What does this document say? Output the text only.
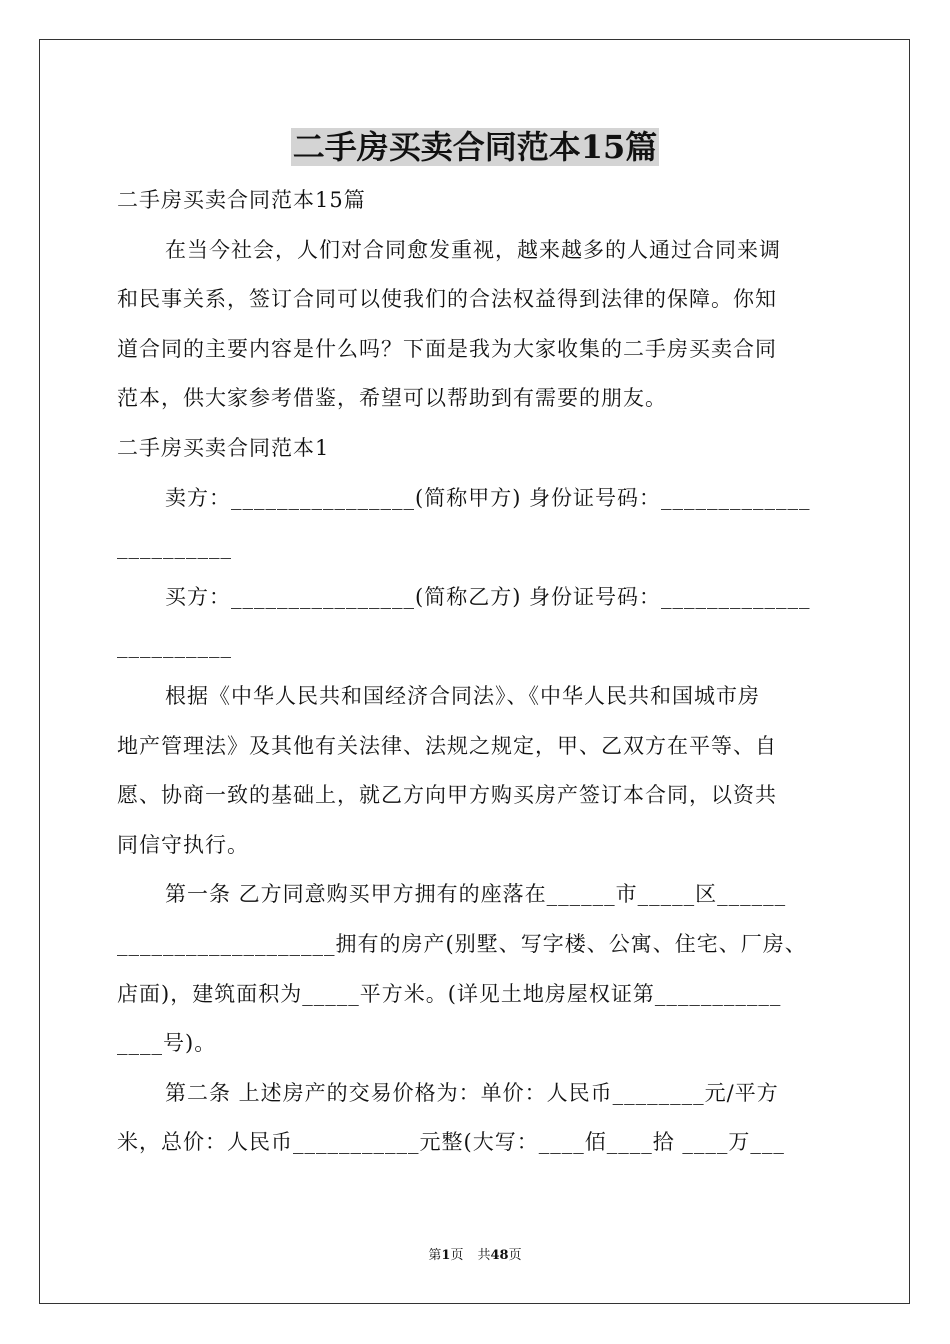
二手房买卖合同范本15篇
二手房买卖合同范本15篇
在当今社会，人们对合同愈发重视，越来越多的人通过合同来调
和民事关系，签订合同可以使我们的合法权益得到法律的保障。你知
道合同的主要内容是什么吗？下面是我为大家收集的二手房买卖合同
范本，供大家参考借鉴，希望可以帮助到有需要的朋友。
二手房买卖合同范本1
卖方：________________(简称甲方) 身份证号码：_____________
__________
买方：________________(简称乙方) 身份证号码：_____________
__________
根据《中华人民共和国经济合同法》、《中华人民共和国城市房
地产管理法》及其他有关法律、法规之规定，甲、乙双方在平等、自
愿、协商一致的基础上，就乙方向甲方购买房产签订本合同，以资共
同信守执行。
第一条 乙方同意购买甲方拥有的座落在______市_____区______
___________________拥有的房产(别墅、写字楼、公寓、住宅、厂房、
店面)，建筑面积为_____平方米。(详见土地房屋权证第___________
____号)。
第二条 上述房产的交易价格为：单价：人民币________元/平方
米，总价：人民币___________元整(大写：____佰____拾 ____万___
第1页 共48页
